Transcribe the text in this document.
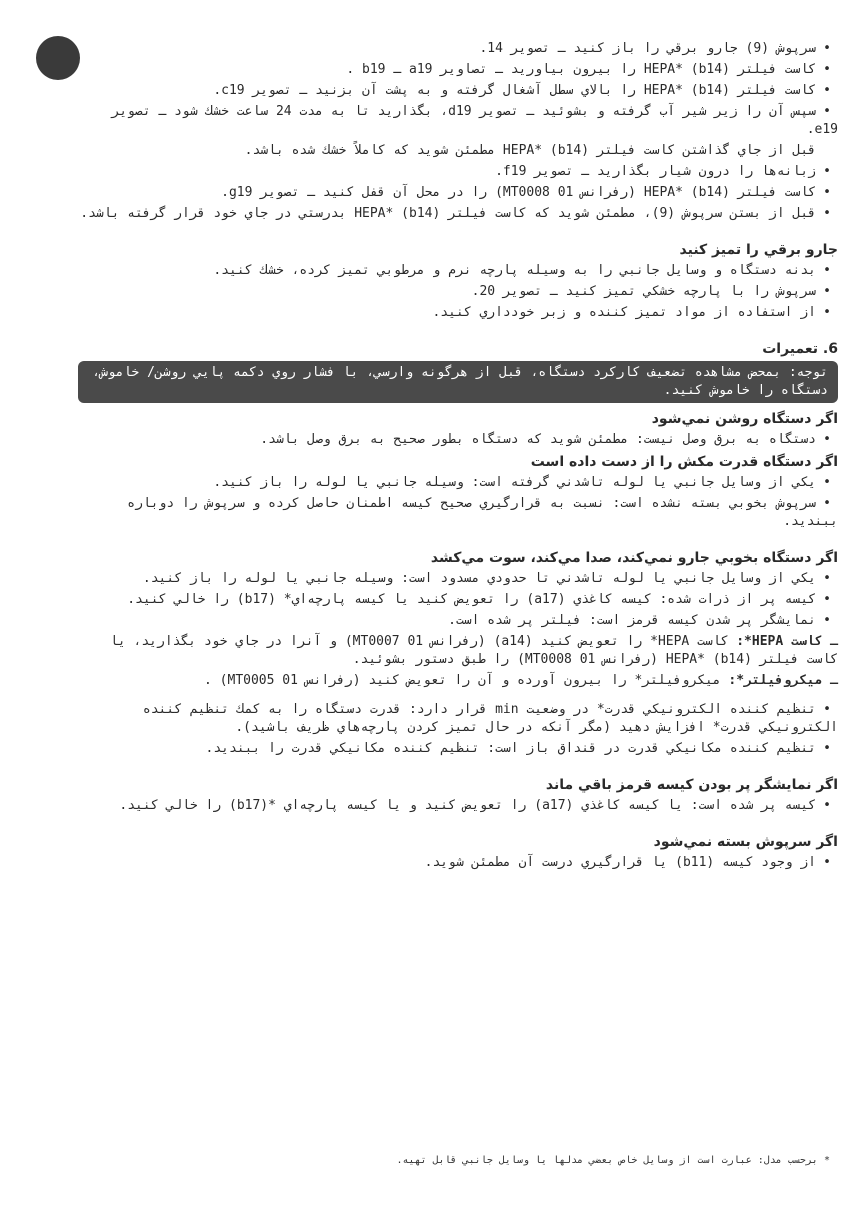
• سرپوش (9) جارو برقي را باز كنيد ـ تصوير 14.
• كاست فيلتر HEPA* (b14) را بيرون بياوريد ـ تصاوير a19 ـ b19 .
• كاست فيلتر HEPA* (b14) را بالاي سطل آشغال گرفته و به پشت آن بزنيد ـ تصوير c19.
• سپس آن را زير شير آب گرفته و بشوئيد ـ تصوير d19، بگذاريد تا به مدت 24 ساعت خشك شود ـ تصوير e19.
قبل از جاي گذاشتن كاست فيلتر HEPA* (b14) مطمئن شويد كه كاملاً خشك شده باشد.
• زبانه‌ها را درون شيار بگذاريد ـ تصوير f19.
• كاست فيلتر HEPA* (b14) (رفرانس MT0008 01) را در محل آن قفل كنيد ـ تصوير g19.
• قبل از بستن سرپوش (9)، مطمئن شويد كه كاست فيلتر HEPA* (b14) بدرستي در جاي خود قرار گرفته باشد.
جارو برقي را تميز كنيد
• بدنه دستگاه و وسايل جانبي را به وسيله پارچه نرم و مرطوبي تميز كرده، خشك كنيد.
• سرپوش را با پارچه خشكي تميز كنيد ـ تصوير 20.
• از استفاده از مواد تميز كننده و زبر خودداري كنيد.
6. تعميرات
توجه: بمحض مشاهده تضعيف كاركرد دستگاه، قبل از هرگونه وارسي، با فشار روي دكمه پايي روشن/ خاموش، دستگاه را خاموش كنيد.
اگر دستگاه روشن نمي‌شود
• دستگاه به برق وصل نيست: مطمئن شويد كه دستگاه بطور صحيح به برق وصل باشد.
اگر دستگاه قدرت مكش را از دست داده است
• يكي از وسايل جانبي يا لوله تاشدني گرفته است: وسيله جانبي يا لوله را باز كنيد.
• سرپوش بخوبي بسته نشده است: نسبت به قرارگيري صحيح كيسه اطمنان حاصل كرده و سرپوش را دوباره ببنديد.
اگر دستگاه بخوبي جارو نمي‌كند، صدا مي‌كند، سوت مي‌كشد
• يكي از وسايل جانبي يا لوله تاشدني تا حدودي مسدود است: وسيله جانبي يا لوله را باز كنيد.
• كيسه پر از ذرات شده: كيسه كاغذي (a17) را تعويض كنيد يا كيسه پارچه‌اي* (b17) را خالي كنيد.
• نمايشگر پر شدن كيسه قرمز است: فيلتر پر شده است.
ـ كاست HEPA*: كاست HEPA* را تعويض كنيد (a14) (رفرانس MT0007 01) و آنرا در جاي خود بگذاريد، يا كاست فيلتر HEPA* (b14) (رفرانس MT0008 01) را طبق دستور بشوئيد.
ـ ميكروفيلتر*: ميكروفيلتر* را بيرون آورده و آن را تعويض كنيد (رفرانس MT0005 01) .
• تنظيم كننده الكترونيكي قدرت* در وضعيت min قرار دارد: قدرت دستگاه را به كمك تنظيم كننده الكترونيكي قدرت* افزايش دهيد (مگر آنكه در حال تميز كردن پارچه‌هاي ظريف باشيد).
• تنظيم كننده مكانيكي قدرت در قنداق باز است: تنظيم كننده مكانيكي قدرت را ببنديد.
اگر نمايشگر پر بودن كيسه قرمز باقي ماند
• كيسه پر شده است: يا كيسه كاغذي (a17) را تعويض كنيد و يا كيسه پارچه‌اي *(b17) را خالي كنيد.
اگر سرپوش بسته نمي‌شود
• از وجود كيسه (b11) يا قرارگيري درست آن مطمئن شويد.
* برحسب مدل: عبارت است از وسايل خاص بعضي مدلها يا وسايل جانبي قابل تهيه.
